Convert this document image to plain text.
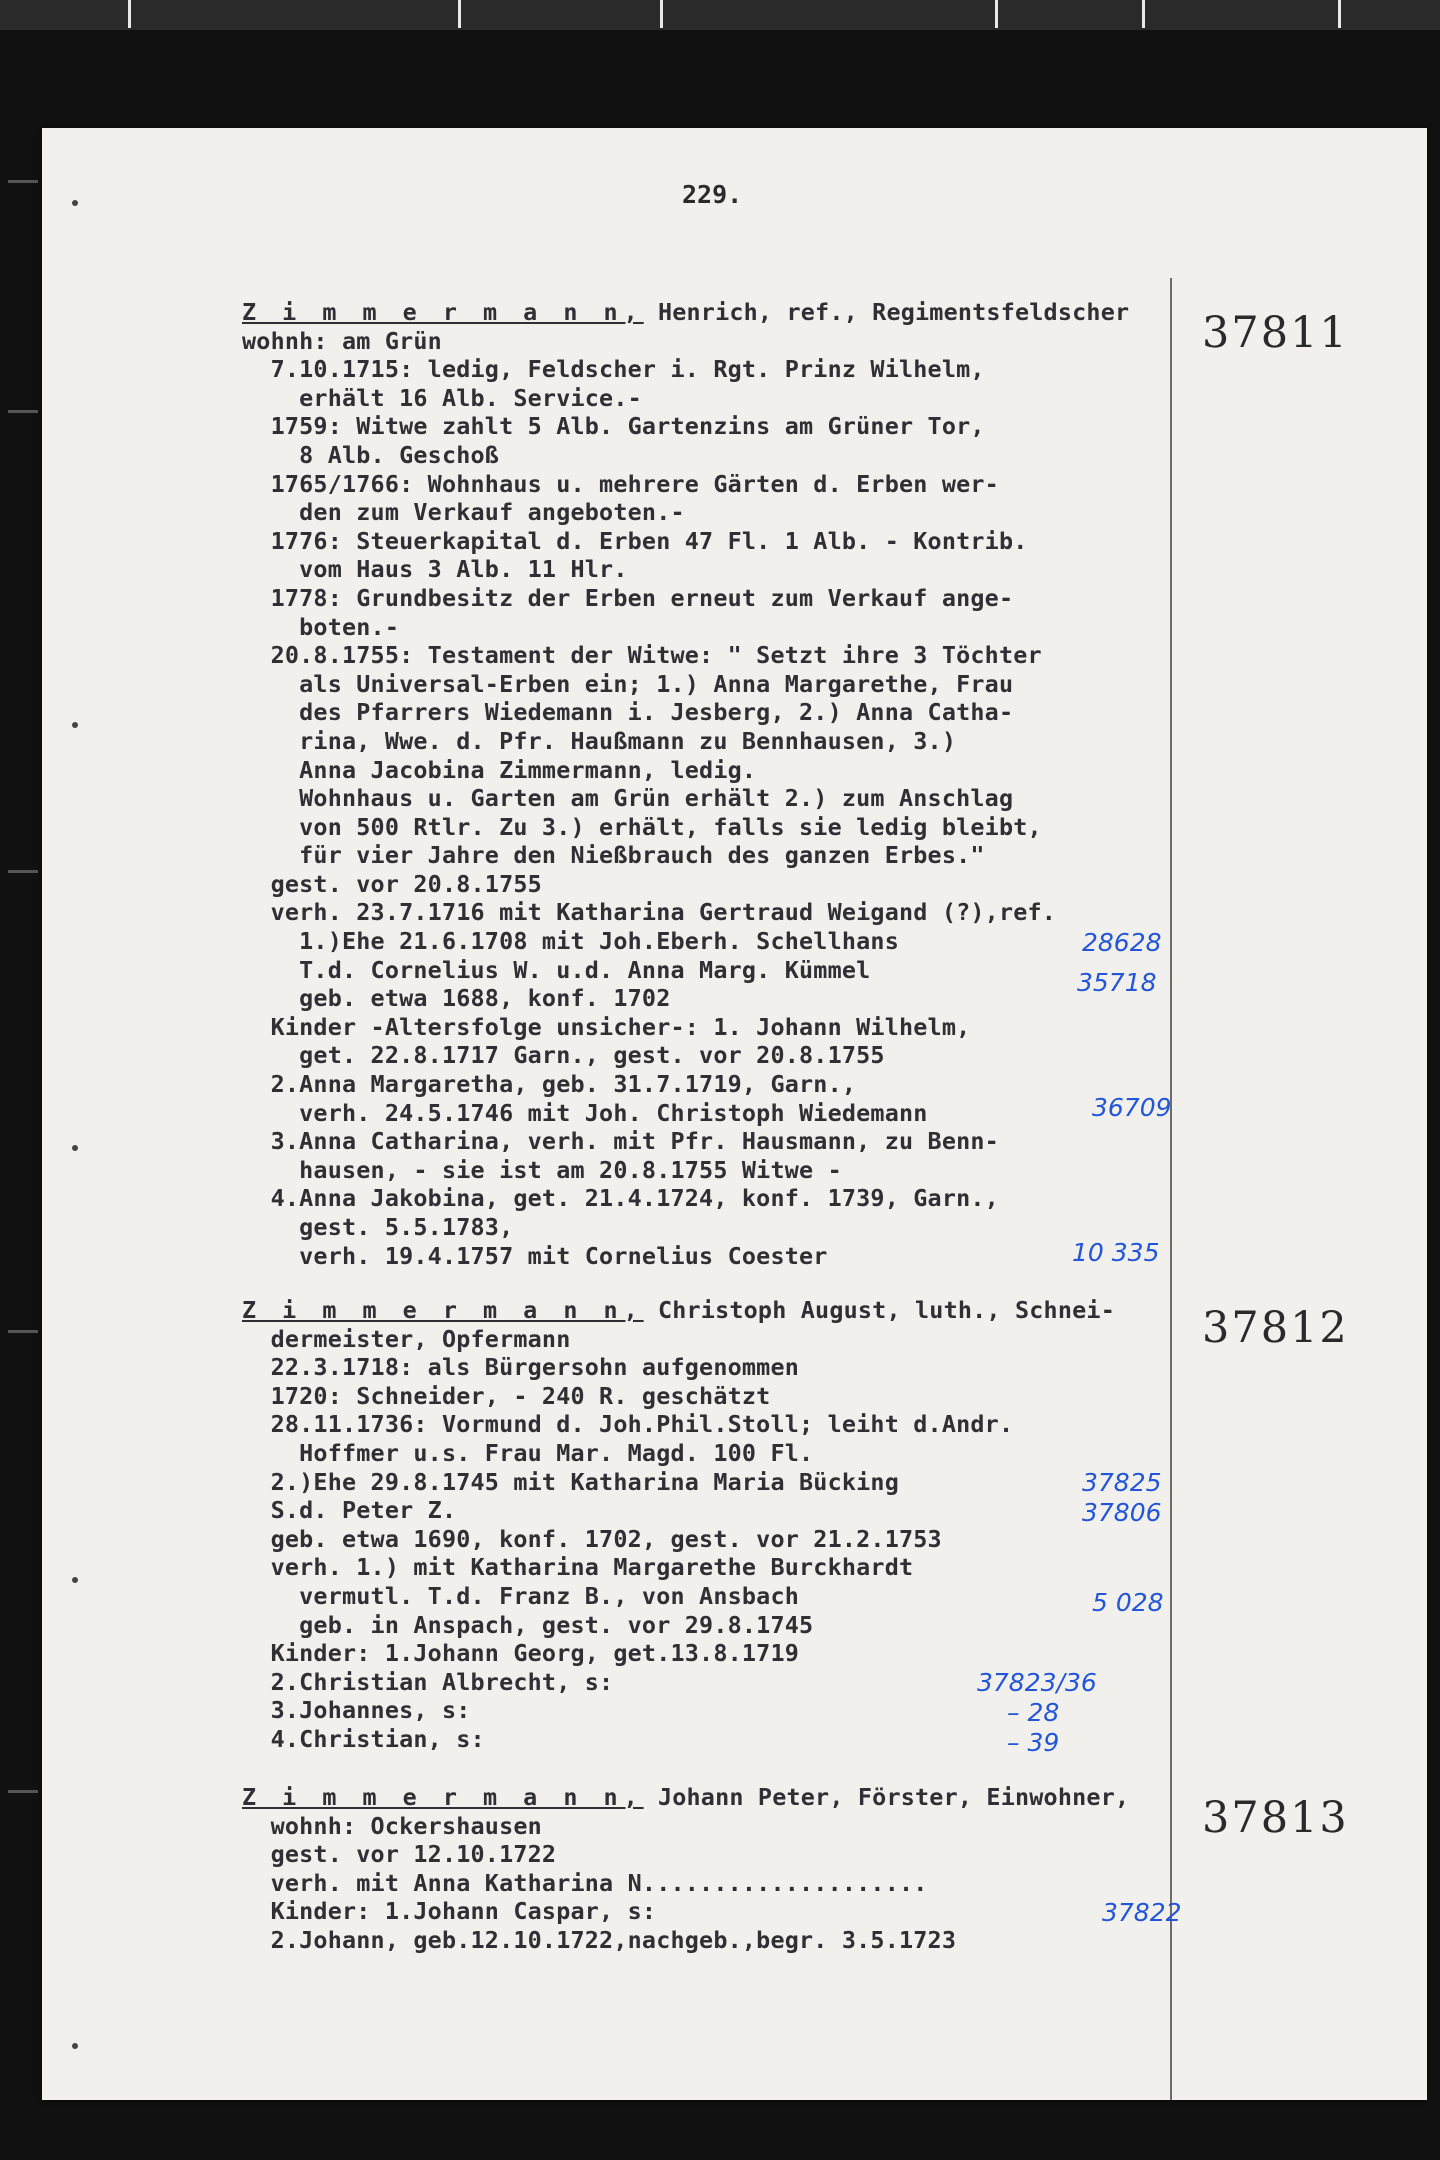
229.
Z i m m e r m a n n, Henrich, ref., Regimentsfeldscher
wohnh: am Grün
7.10.1715: ledig, Feldscher i. Rgt. Prinz Wilhelm,
erhält 16 Alb. Service.-
1759: Witwe zahlt 5 Alb. Gartenzins am Grüner Tor,
8 Alb. Geschoß
1765/1766: Wohnhaus u. mehrere Gärten d. Erben wer-
den zum Verkauf angeboten.-
1776: Steuerkapital d. Erben 47 Fl. 1 Alb. - Kontrib.
vom Haus 3 Alb. 11 Hlr.
1778: Grundbesitz der Erben erneut zum Verkauf ange-
boten.-
20.8.1755: Testament der Witwe: " Setzt ihre 3 Töchter
als Universal-Erben ein; 1.) Anna Margarethe, Frau
des Pfarrers Wiedemann i. Jesberg, 2.) Anna Catha-
rina, Wwe. d. Pfr. Haußmann zu Bennhausen, 3.)
Anna Jacobina Zimmermann, ledig.
Wohnhaus u. Garten am Grün erhält 2.) zum Anschlag
von 500 Rtlr. Zu 3.) erhält, falls sie ledig bleibt,
für vier Jahre den Nießbrauch des ganzen Erbes."
gest. vor 20.8.1755
verh. 23.7.1716 mit Katharina Gertraud Weigand (?),ref.
1.)Ehe 21.6.1708 mit Joh.Eberh. Schellhans
T.d. Cornelius W. u.d. Anna Marg. Kümmel
geb. etwa 1688, konf. 1702
Kinder -Altersfolge unsicher-: 1. Johann Wilhelm,
get. 22.8.1717 Garn., gest. vor 20.8.1755
2.Anna Margaretha, geb. 31.7.1719, Garn.,
verh. 24.5.1746 mit Joh. Christoph Wiedemann
3.Anna Catharina, verh. mit Pfr. Hausmann, zu Benn-
hausen, - sie ist am 20.8.1755 Witwe -
4.Anna Jakobina, get. 21.4.1724, konf. 1739, Garn.,
gest. 5.5.1783,
verh. 19.4.1757 mit Cornelius Coester
37811
28628
35718
36709
10 335
Z i m m e r m a n n, Christoph August, luth., Schnei-
dermeister, Opfermann
22.3.1718: als Bürgersohn aufgenommen
1720: Schneider, - 240 R. geschätzt
28.11.1736: Vormund d. Joh.Phil.Stoll; leiht d.Andr.
Hoffmer u.s. Frau Mar. Magd. 100 Fl.
2.)Ehe 29.8.1745 mit Katharina Maria Bücking
S.d. Peter Z.
geb. etwa 1690, konf. 1702, gest. vor 21.2.1753
verh. 1.) mit Katharina Margarethe Burckhardt
vermutl. T.d. Franz B., von Ansbach
geb. in Anspach, gest. vor 29.8.1745
Kinder: 1.Johann Georg, get.13.8.1719
2.Christian Albrecht, s:
3.Johannes, s:
4.Christian, s:
37812
37825
37806
5 028
37823/36
– 28
– 39
Z i m m e r m a n n, Johann Peter, Förster, Einwohner,
wohnh: Ockershausen
gest. vor 12.10.1722
verh. mit Anna Katharina N....................
Kinder: 1.Johann Caspar, s:
2.Johann, geb.12.10.1722,nachgeb.,begr. 3.5.1723
37813
37822
